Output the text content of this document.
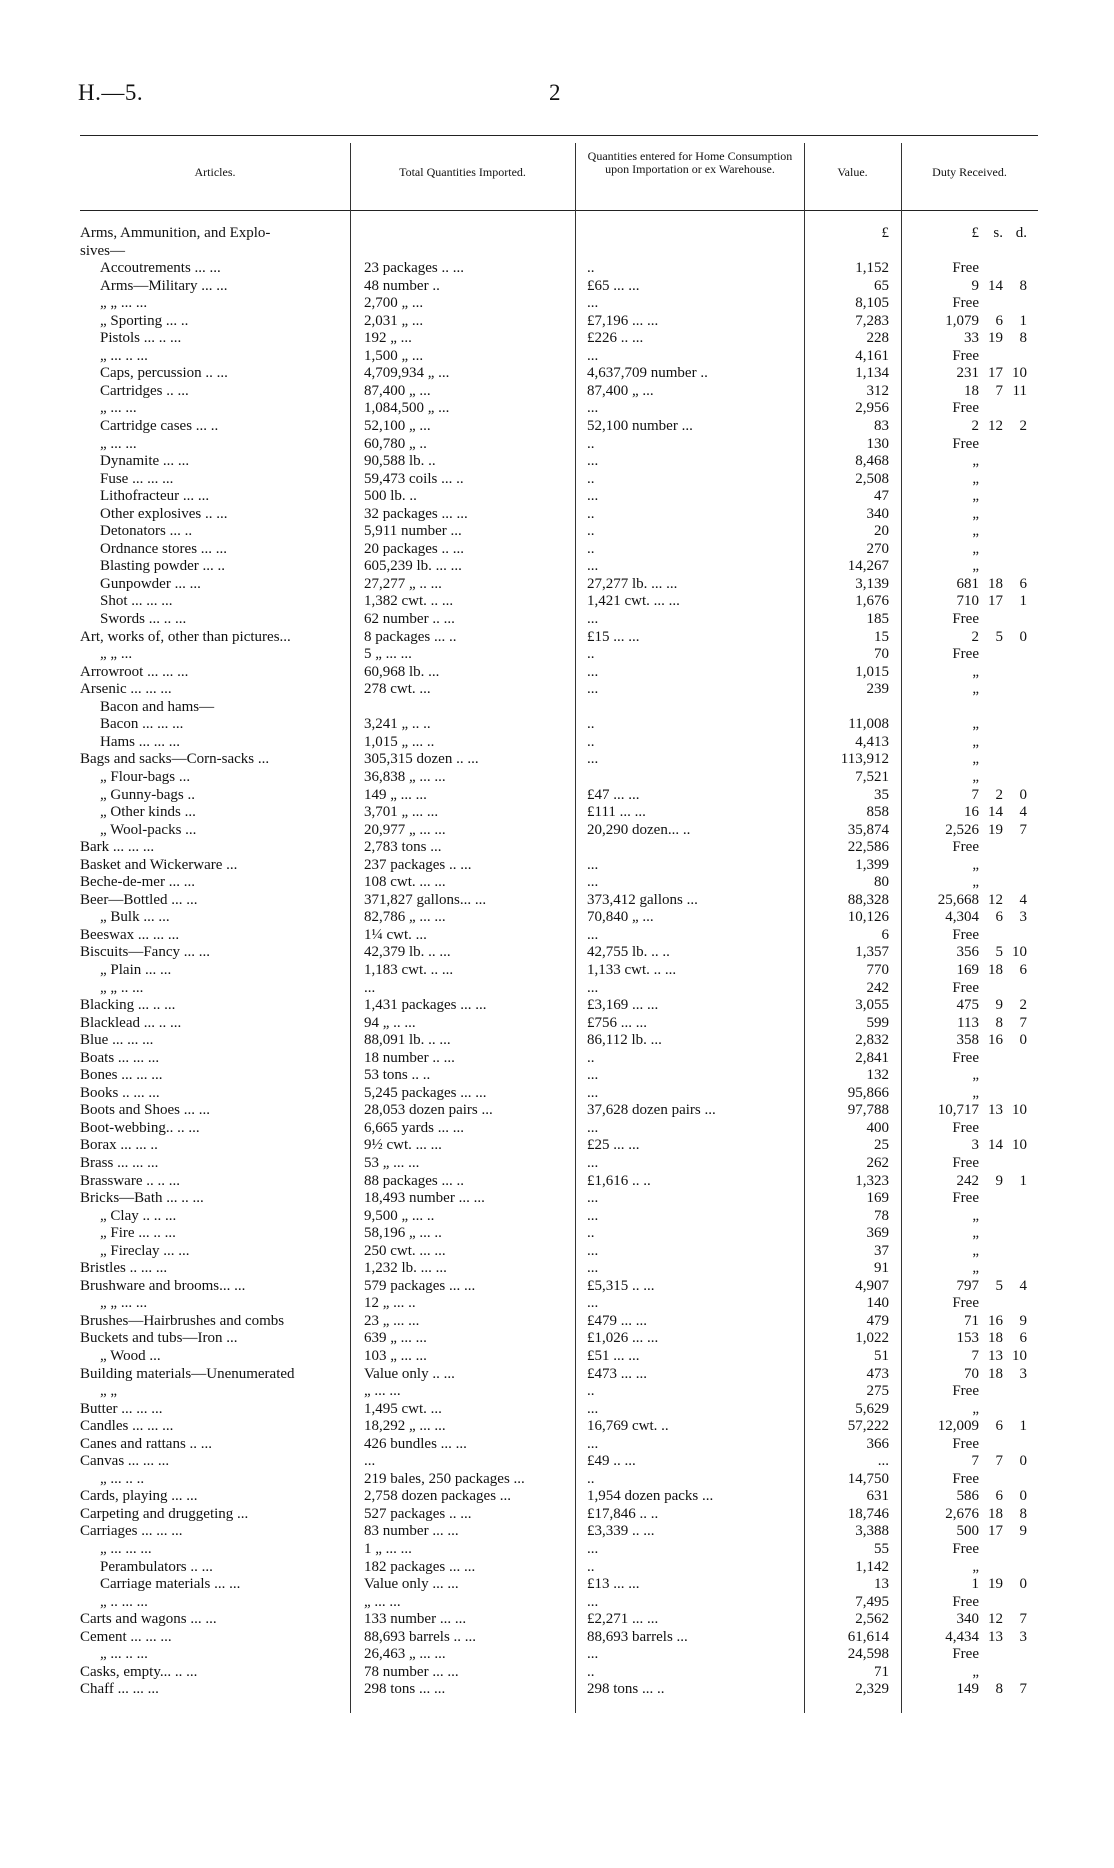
H.—5.	2
Articles.	Total Quantities Imported.
Quantities entered for Home Consumption upon Importation or ex Warehouse.	Value.	Duty Received.
Arms, Ammunition, and Explo-			£	£ s. d.

sives—				

Accoutrements ... ...	23 packages .. ...	..	1,152	Free

Arms—Military ... ...	48 number ..	£65 ... ...	65	9 14 8

„ „ ... ...	2,700 „ ...	...	8,105	Free

„ Sporting ... ..	2,031 „ ...	£7,196 ... ...	7,283	1,079 6 1

Pistols ... .. ...	192 „ ...	£226 .. ...	228	33 19 8

„ ... .. ...	1,500 „ ...	...	4,161	Free

Caps, percussion .. ...	4,709,934 „ ...	4,637,709 number ..	1,134	231 17 10

Cartridges .. ...	87,400 „ ...	87,400 „ ...	312	18 7 11

„ ... ...	1,084,500 „ ...	...	2,956	Free

Cartridge cases ... ..	52,100 „ ...	52,100 number ...	83	2 12 2

„ ... ...	60,780 „ ..	..	130	Free

Dynamite ... ...	90,588 lb. ..	...	8,468	„

Fuse ... ... ...	59,473 coils ... ..	..	2,508	„

Lithofracteur ... ...	500 lb. ..	...	47	„

Other explosives .. ...	32 packages ... ...	..	340	„

Detonators ... ..	5,911 number ...	..	20	„

Ordnance stores ... ...	20 packages .. ...	..	270	„

Blasting powder ... ..	605,239 lb. ... ...	...	14,267	„

Gunpowder ... ...	27,277 „ .. ...	27,277 lb. ... ...	3,139	681 18 6

Shot ... ... ...	1,382 cwt. .. ...	1,421 cwt. ... ...	1,676	710 17 1

Swords ... .. ...	62 number .. ...	...	185	Free

Art, works of, other than pictures...	8 packages ... ..	£15 ... ...	15	2 5 0

„ „ ...	5 „ ... ...	..	70	Free

Arrowroot ... ... ...	60,968 lb. ...	...	1,015	„

Arsenic ... ... ...	278 cwt. ...	...	239	„

Bacon and hams—				

Bacon ... ... ...	3,241 „ .. ..	..	11,008	„

Hams ... ... ...	1,015 „ ... ..	..	4,413	„

Bags and sacks—Corn-sacks ...	305,315 dozen .. ...	...	113,912	„

„ Flour-bags ...	36,838 „ ... ...		7,521	„

„ Gunny-bags ..	149 „ ... ...	£47 ... ...	35	7 2 0

„ Other kinds ...	3,701 „ ... ...	£111 ... ...	858	16 14 4

„ Wool-packs ...	20,977 „ ... ...	20,290 dozen... ..	35,874	2,526 19 7

Bark ... ... ...	2,783 tons ...		22,586	Free

Basket and Wickerware ...	237 packages .. ...	...	1,399	„

Beche-de-mer ... ...	108 cwt. ... ...	...	80	„

Beer—Bottled ... ...	371,827 gallons... ...	373,412 gallons ...	88,328	25,668 12 4

„ Bulk ... ...	82,786 „ ... ...	70,840 „ ...	10,126	4,304 6 3

Beeswax ... ... ...	1¼ cwt. ...	...	6	Free

Biscuits—Fancy ... ...	42,379 lb. .. ...	42,755 lb. .. ..	1,357	356 5 10

„ Plain ... ...	1,183 cwt. .. ...	1,133 cwt. .. ...	770	169 18 6

„ „ .. ...	...	...	242	Free

Blacking ... .. ...	1,431 packages ... ...	£3,169 ... ...	3,055	475 9 2

Blacklead ... .. ...	94 „ .. ...	£756 ... ...	599	113 8 7

Blue ... ... ...	88,091 lb. .. ...	86,112 lb. ...	2,832	358 16 0

Boats ... ... ...	18 number .. ...	..	2,841	Free

Bones ... ... ...	53 tons .. ..	...	132	„

Books .. ... ...	5,245 packages ... ...	...	95,866	„

Boots and Shoes ... ...	28,053 dozen pairs ...	37,628 dozen pairs ...	97,788	10,717 13 10

Boot-webbing.. .. ...	6,665 yards ... ...	...	400	Free

Borax ... ... ..	9½ cwt. ... ...	£25 ... ...	25	3 14 10

Brass ... ... ...	53 „ ... ...	...	262	Free

Brassware .. .. ...	88 packages ... ..	£1,616 .. ..	1,323	242 9 1

Bricks—Bath ... .. ...	18,493 number ... ...	...	169	Free

„ Clay .. .. ...	9,500 „ ... ..	...	78	„

„ Fire ... .. ...	58,196 „ ... ..	..	369	„

„ Fireclay ... ...	250 cwt. ... ...	...	37	„

Bristles .. ... ...	1,232 lb. ... ...	...	91	„

Brushware and brooms... ...	579 packages ... ...	£5,315 .. ...	4,907	797 5 4

„ „ ... ...	12 „ ... ..	...	140	Free

Brushes—Hairbrushes and combs	23 „ ... ...	£479 ... ...	479	71 16 9

Buckets and tubs—Iron ...	639 „ ... ...	£1,026 ... ...	1,022	153 18 6

„ Wood ...	103 „ ... ...	£51 ... ...	51	7 13 10

Building materials—Unenumerated	Value only .. ...	£473 ... ...	473	70 18 3

„ „	„ ... ...	..	275	Free

Butter ... ... ...	1,495 cwt. ...	...	5,629	„

Candles ... ... ...	18,292 „ ... ...	16,769 cwt. ..	57,222	12,009 6 1

Canes and rattans .. ...	426 bundles ... ...	...	366	Free

Canvas ... ... ...	...	£49 .. ...	...	7 7 0

„ ... .. ..	219 bales, 250 packages ...	..	14,750	Free

Cards, playing ... ...	2,758 dozen packages ...	1,954 dozen packs ...	631	586 6 0

Carpeting and druggeting ...	527 packages .. ...	£17,846 .. ..	18,746	2,676 18 8

Carriages ... ... ...	83 number ... ...	£3,339 .. ...	3,388	500 17 9

„ ... ... ...	1 „ ... ...	...	55	Free

Perambulators .. ...	182 packages ... ...	..	1,142	„

Carriage materials ... ...	Value only ... ...	£13 ... ...	13	1 19 0

„ .. ... ...	„ ... ...	...	7,495	Free

Carts and wagons ... ...	133 number ... ...	£2,271 ... ...	2,562	340 12 7

Cement ... ... ...	88,693 barrels .. ...	88,693 barrels ...	61,614	4,434 13 3

„ ... .. ...	26,463 „ ... ...	...	24,598	Free

Casks, empty... .. ...	78 number ... ...	..	71	„

Chaff ... ... ...	298 tons ... ...	298 tons ... ..	2,329	149 8 7
